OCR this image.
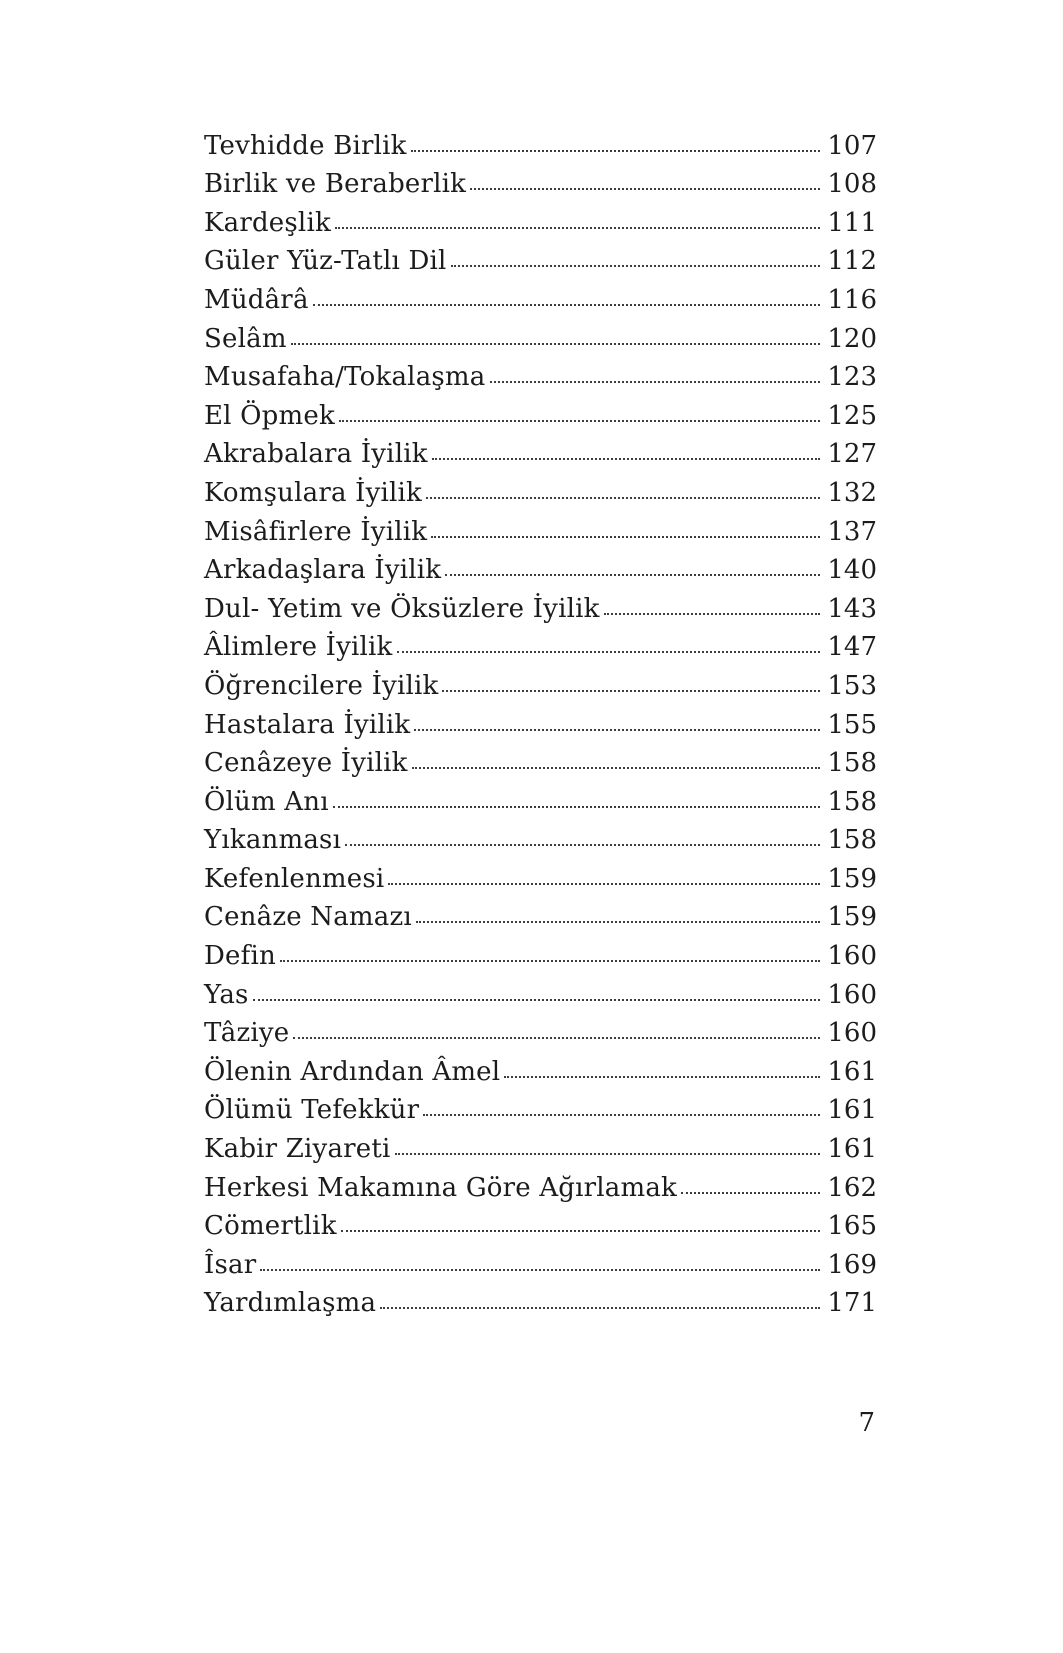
Tevhidde Birlik	107
Birlik ve Beraberlik	108
Kardeşlik	111
Güler Yüz-Tatlı Dil	112
Müdârâ	116
Selâm	120
Musafaha/Tokalaşma	123
El Öpmek	125
Akrabalara İyilik	127
Komşulara İyilik	132
Misâfirlere İyilik	137
Arkadaşlara İyilik	140
Dul- Yetim ve Öksüzlere İyilik	143
Âlimlere İyilik	147
Öğrencilere İyilik	153
Hastalara İyilik	155
Cenâzeye İyilik	158
Ölüm Anı	158
Yıkanması	158
Kefenlenmesi	159
Cenâze Namazı	159
Defin	160
Yas	160
Tâziye	160
Ölenin Ardından Âmel	161
Ölümü Tefekkür	161
Kabir Ziyareti	161
Herkesi Makamına Göre Ağırlamak	162
Cömertlik	165
Îsar	169
Yardımlaşma	171
7
